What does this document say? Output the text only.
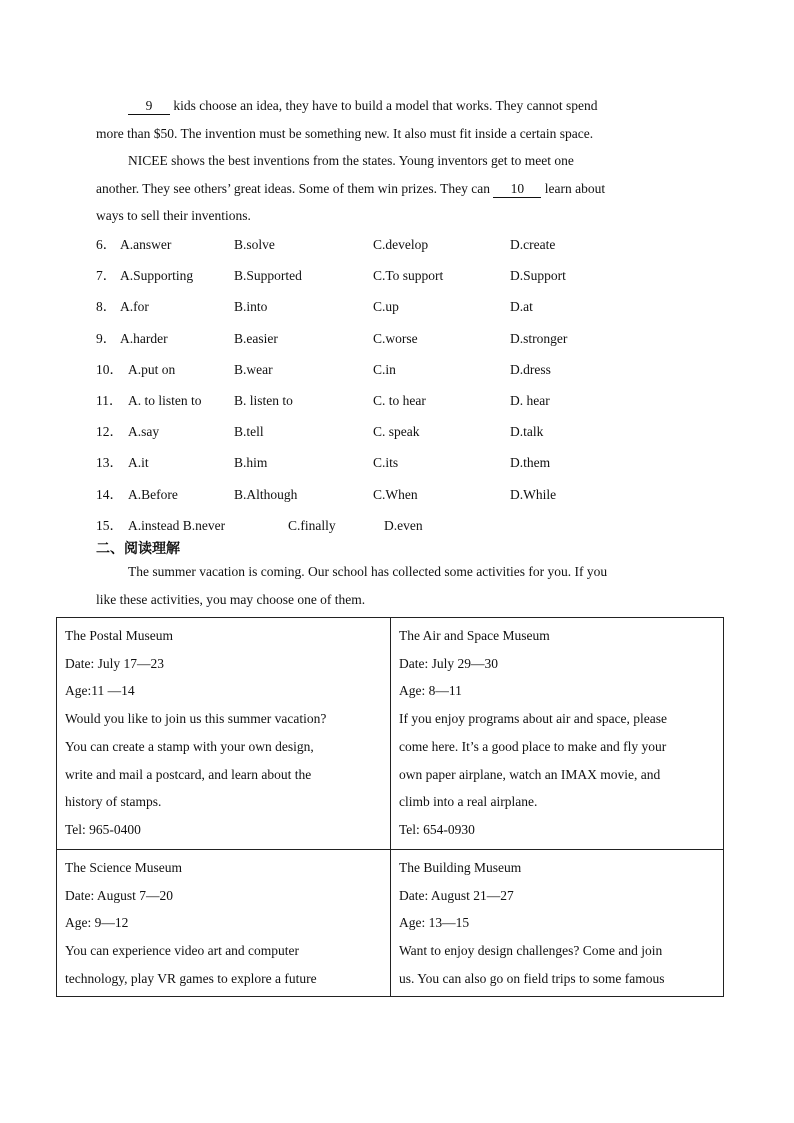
9 kids choose an idea, they have to build a model that works. They cannot spend
more than $50. The invention must be something new. It also must fit inside a certain space.
NICEE shows the best inventions from the states. Young inventors get to meet one
another. They see others’ great ideas. Some of them win prizes. They can 10 learn about
ways to sell their inventions.
6． A.answer	B.solve	C.develop	D.create
7． A.Supporting	B.Supported	C.To support	D.Support
8． A.for	B.into	C.up	D.at
9． A.harder	B.easier	C.worse	D.stronger
10． A.put on	B.wear	C.in	D.dress
11． A. to listen to B. listen to	C. to hear	D. hear
12． A.say	B.tell	C. speak	D.talk
13． A.it	B.him	C.its	D.them
14． A.Before	B.Although	C.When	D.While
15． A.instead B.never	C.finally	D.even
二、阅读理解
The summer vacation is coming. Our school has collected some activities for you. If you
like these activities, you may choose one of them.
The Postal Museum
Date: July 17—23
Age:11 —14
Would you like to join us this summer vacation?
You can create a stamp with your own design,
write and mail a postcard, and learn about the
history of stamps.
Tel: 965-0400
The Air and Space Museum
Date: July 29—30
Age: 8—11
If you enjoy programs about air and space, please
come here. It’s a good place to make and fly your
own paper airplane, watch an IMAX movie, and
climb into a real airplane.
Tel: 654-0930
The Science Museum
Date: August 7—20
Age: 9—12
You can experience video art and computer
technology, play VR games to explore a future
The Building Museum
Date: August 21—27
Age: 13—15
Want to enjoy design challenges? Come and join
us. You can also go on field trips to some famous
